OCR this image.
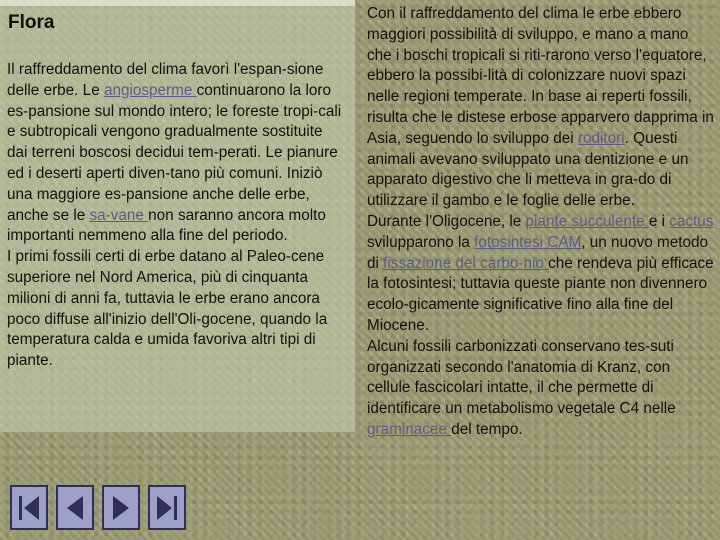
Flora
Il raffreddamento del clima favorì l'espan-sione delle erbe. Le angiosperme continuarono la loro es-pansione sul mondo intero; le foreste tropi-cali e subtropicali vengono gradualmente sostituite dai terreni boscosi decidui tem-perati. Le pianure ed i deserti aperti diven-tano più comuni. Iniziò una maggiore es-pansione anche delle erbe, anche se le sa-vane non saranno ancora molto importanti nemmeno alla fine del periodo.
I primi fossili certi di erbe datano al Paleo-cene superiore nel Nord America, più di cinquanta milioni di anni fa, tuttavia le erbe erano ancora poco diffuse all'inizio dell'Oli-gocene, quando la temperatura calda e umida favoriva altri tipi di piante.
Con il raffreddamento del clima le erbe ebbero maggiori possibilità di sviluppo, e mano a mano che i boschi tropicali si riti-rarono verso l'equatore, ebbero la possibi-lità di colonizzare nuovi spazi nelle regioni temperate. In base ai reperti fossili, risulta che le distese erbose apparvero dapprima in Asia, seguendo lo sviluppo dei roditori. Questi animali avevano sviluppato una dentizione e un apparato digestivo che li metteva in gra-do di utilizzare il gambo e le foglie delle erbe.
Durante l'Oligocene, le piante succulente e i cactus svilupparono la fotosintesi CAM, un nuovo metodo di fissazione del carbo-nio che rendeva più efficace la fotosintesi; tuttavia queste piante non divennero ecolo-gicamente significative fino alla fine del Miocene.
Alcuni fossili carbonizzati conservano tes-suti organizzati secondo l'anatomia di Kranz, con cellule fascicolari intatte, il che permette di identificare un metabolismo vegetale C4 nelle graminacee del tempo.
